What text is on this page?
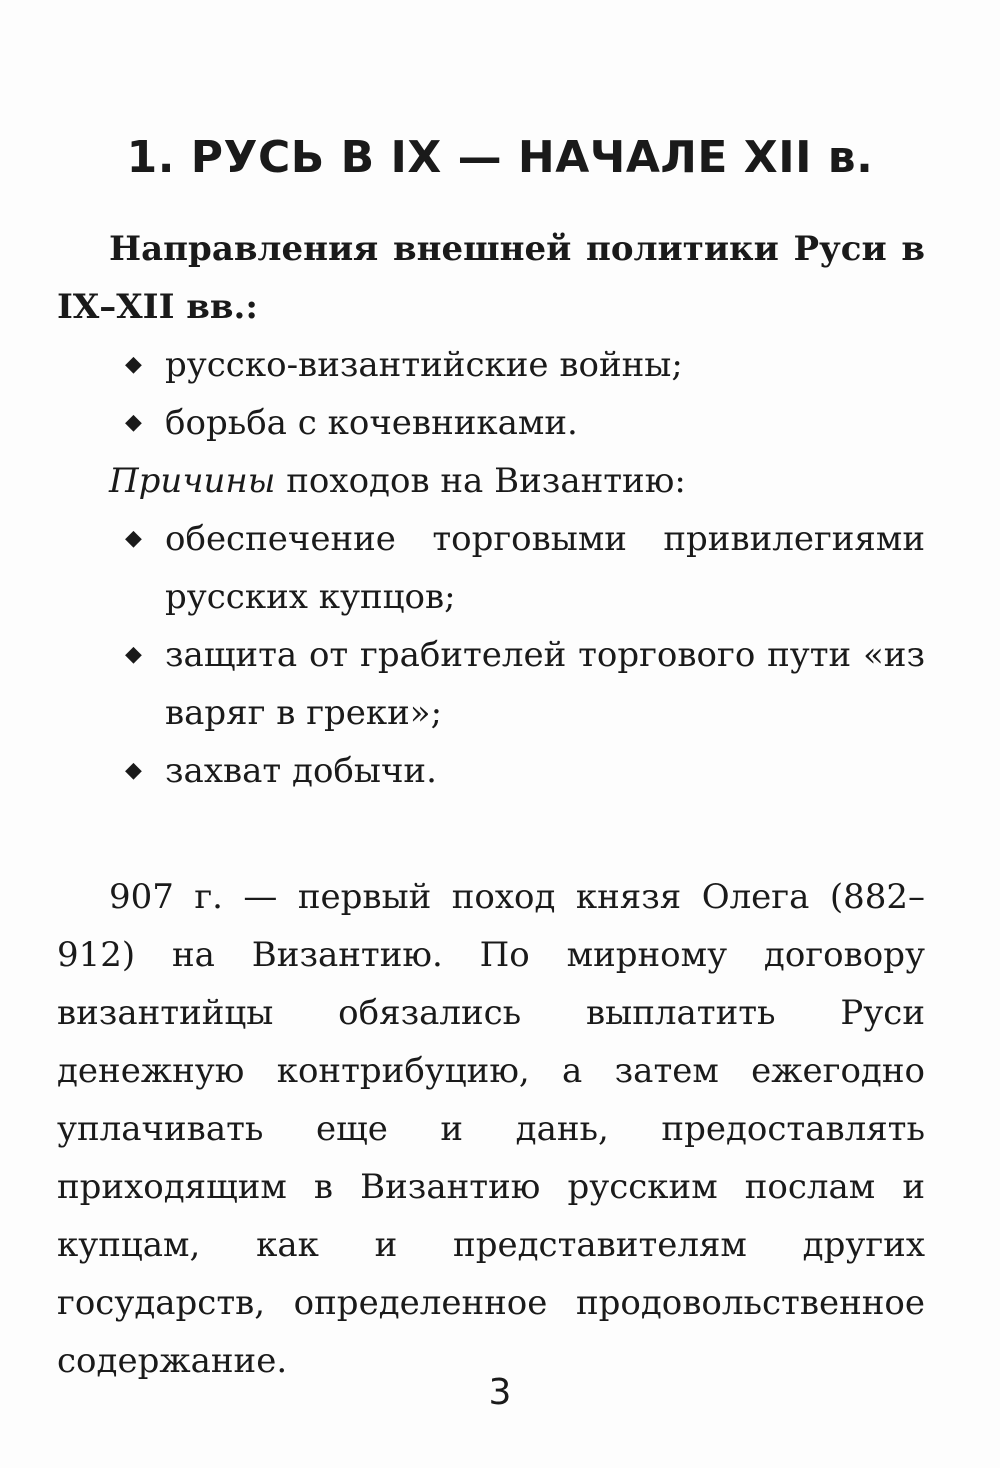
1. РУСЬ В IX — НАЧАЛЕ XII в.

Направления внешней политики Руси в IX–XII вв.:

◆ русско-византийские войны;
◆ борьба с кочевниками.

Причины походов на Византию:

◆ обеспечение торговыми привилегиями русских купцов;
◆ защита от грабителей торгового пути «из варяг в греки»;
◆ захват добычи.

907 г. — первый поход князя Олега (882–912) на Византию. По мирному договору византийцы обязались выплатить Руси денежную контрибуцию, а затем ежегодно уплачивать еще и дань, предоставлять приходящим в Византию русским послам и купцам, как и представителям других государств, определенное продовольственное содержание.

3
